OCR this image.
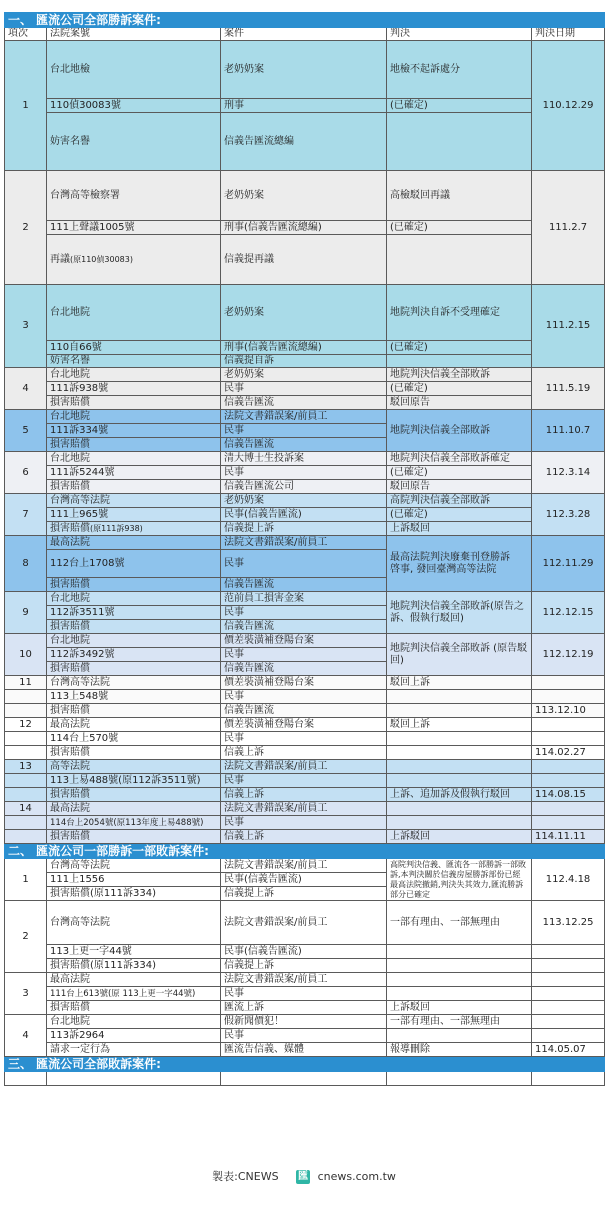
一、 匯流公司全部勝訴案件:				
項次	法院案號	案件	判決	判決日期
1	台北地檢	老奶奶案	地檢不起訴處分	110.12.29
	110偵30083號	刑事	(已確定)	
	妨害名譽	信義告匯流總編		
2	台灣高等檢察署	老奶奶案	高檢駁回再議	111.2.7
	111上聲議1005號	刑事(信義告匯流總編)	(已確定)	
	再議(原110偵30083)	信義提再議		
3	台北地院	老奶奶案	地院判決自訴不受理確定	111.2.15
	110自66號	刑事(信義告匯流總編)	(已確定)	
	妨害名譽	信義提自訴		
4	台北地院	老奶奶案	地院判決信義全部敗訴	111.5.19
	111訴938號	民事	(已確定)	
	損害賠償	信義告匯流	駁回原告	
5	台北地院	法院文書錯誤案/前員工	地院判決信義全部敗訴	111.10.7
	111訴334號	民事		
	損害賠償	信義告匯流		
6	台北地院	清大博士生投訴案	地院判決信義全部敗訴確定	112.3.14
	111訴5244號	民事	(已確定)	
	損害賠償	信義告匯流公司	駁回原告	
7	台灣高等法院	老奶奶案	高院判決信義全部敗訴	112.3.28
	111上965號	民事(信義告匯流)	(已確定)	
	損害賠償(原111訴938)	信義提上訴	上訴駁回	
8	最高法院	法院文書錯誤案/前員工	最高法院判決廢棄刊登勝訴
啓事, 發回臺灣高等法院	112.11.29
	112台上1708號	民事		
	損害賠償	信義告匯流		
9	台北地院	范前員工損害金案	地院判決信義全部敗訴(原告之訴、假執行駁回)	112.12.15
	112訴3511號	民事		
	損害賠償	信義告匯流		
10	台北地院	價差裝潢補登陽台案	地院判決信義全部敗訴 (原告駁回)	112.12.19
	112訴3492號	民事		
	損害賠償	信義告匯流		
11	台灣高等法院	價差裝潢補登陽台案	駁回上訴	
	113上548號	民事		
	損害賠償	信義告匯流		113.12.10
12	最高法院	價差裝潢補登陽台案	駁回上訴	
	114台上570號	民事		
	損害賠償	信義上訴		114.02.27
13	高等法院	法院文書錯誤案/前員工		
	113上易488號(原112訴3511號)	民事		
	損害賠償	信義上訴	上訴、追加訴及假執行駁回	114.08.15
14	最高法院	法院文書錯誤案/前員工		
	114台上2054號(原113年度上易488號)	民事		
	損害賠償	信義上訴	上訴駁回	114.11.11
二、 匯流公司一部勝訴一部敗訴案件:				
1	台灣高等法院	法院文書錯誤案/前員工	高院判決信義、匯流各一部勝訴一部敗訴,本判決關於信義房屋勝訴部份已經最高法院撤銷,判決失其效力,匯流勝訴部分已確定	112.4.18
	111上1556	民事(信義告匯流)		
	損害賠償(原111訴334)	信義提上訴		
2	台灣高等法院	法院文書錯誤案/前員工	一部有理由、一部無理由	113.12.25
	113上更一字44號	民事(信義告匯流)		
	損害賠償(原111訴334)	信義提上訴		
3	最高法院	法院文書錯誤案/前員工		
	111台上613號(原 113上更一字44號)	民事		
	損害賠償	匯流上訴	上訴駁回	
4	台北地院	假新聞價犯！	一部有理由、一部無理由	
	113訴2964	民事		
	請求一定行為	匯流告信義、媒體	報導刪除	114.05.07
三、 匯流公司全部敗訴案件:				

製表:CNEWS 匯 cnews.com.tw
